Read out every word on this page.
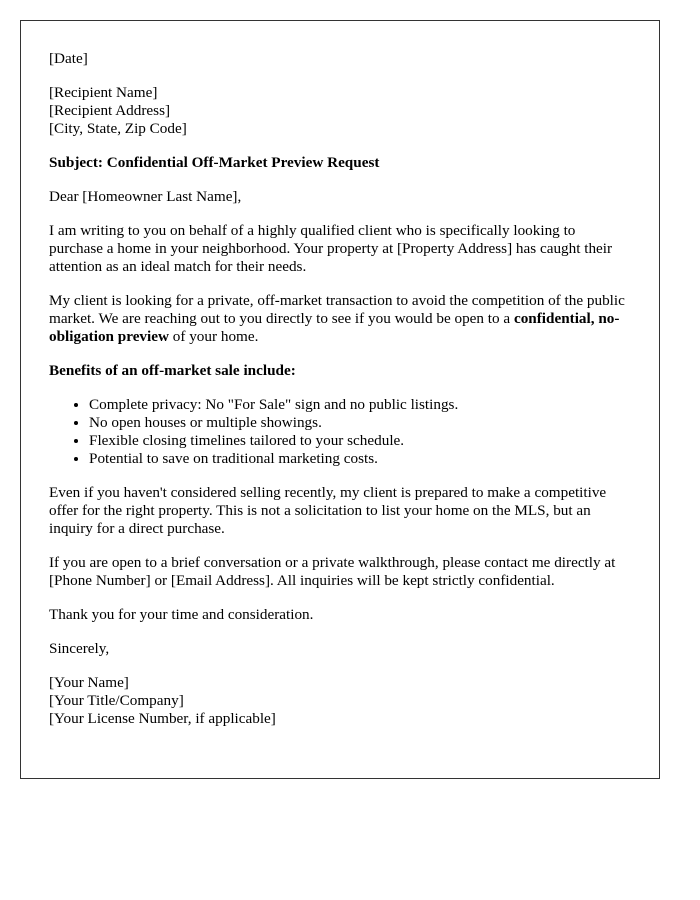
[Date]

[Recipient Name]
[Recipient Address]
[City, State, Zip Code]

Subject: Confidential Off-Market Preview Request

Dear [Homeowner Last Name],

I am writing to you on behalf of a highly qualified client who is specifically looking to purchase a home in your neighborhood. Your property at [Property Address] has caught their attention as an ideal match for their needs.

My client is looking for a private, off-market transaction to avoid the competition of the public market. We are reaching out to you directly to see if you would be open to a confidential, no-obligation preview of your home.

Benefits of an off-market sale include:

• Complete privacy: No "For Sale" sign and no public listings.
• No open houses or multiple showings.
• Flexible closing timelines tailored to your schedule.
• Potential to save on traditional marketing costs.

Even if you haven't considered selling recently, my client is prepared to make a competitive offer for the right property. This is not a solicitation to list your home on the MLS, but an inquiry for a direct purchase.

If you are open to a brief conversation or a private walkthrough, please contact me directly at [Phone Number] or [Email Address]. All inquiries will be kept strictly confidential.

Thank you for your time and consideration.

Sincerely,

[Your Name]
[Your Title/Company]
[Your License Number, if applicable]
